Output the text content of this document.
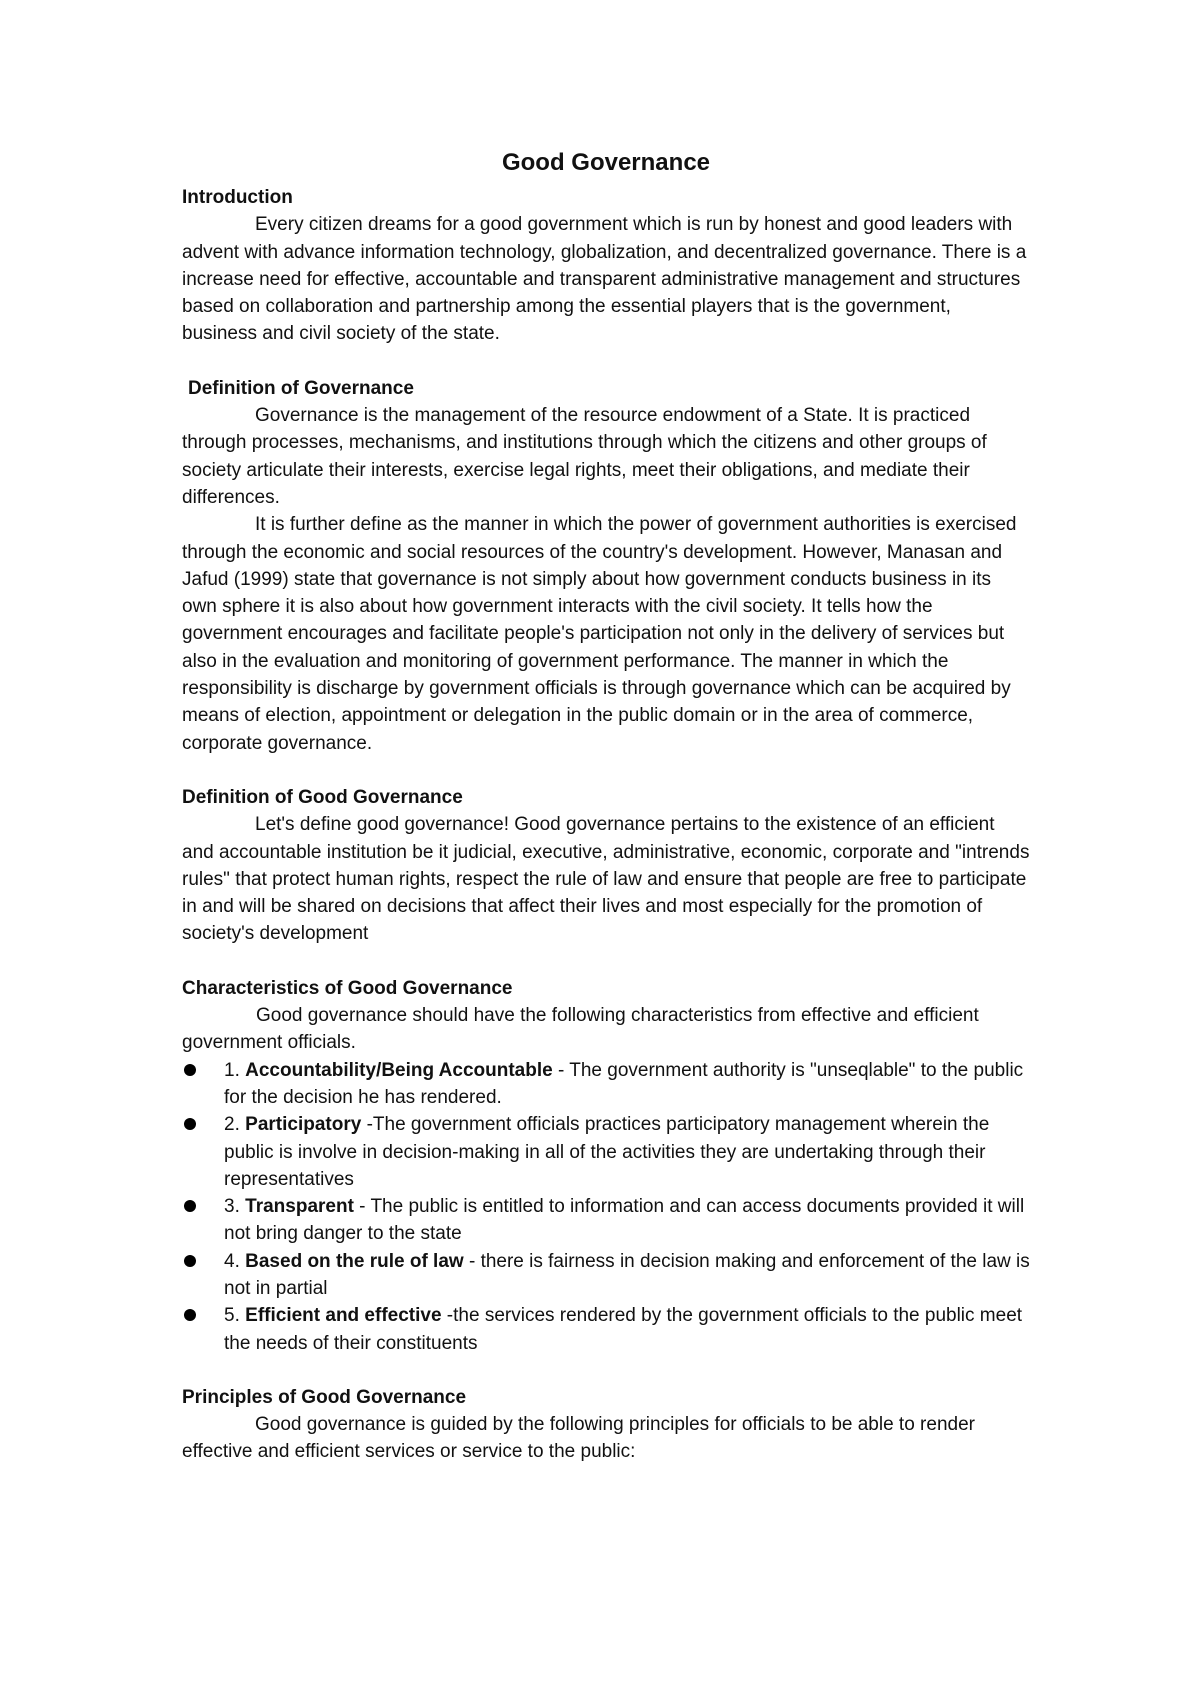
Good Governance

Introduction

Every citizen dreams for a good government which is run by honest and good leaders with advent with advance information technology, globalization, and decentralized governance. There is a increase need for effective, accountable and transparent administrative management and structures based on collaboration and partnership among the essential players that is the government, business and civil society of the state.

Definition of Governance

Governance is the management of the resource endowment of a State. It is practiced through processes, mechanisms, and institutions through which the citizens and other groups of society articulate their interests, exercise legal rights, meet their obligations, and mediate their differences.

It is further define as the manner in which the power of government authorities is exercised through the economic and social resources of the country's development. However, Manasan and Jafud (1999) state that governance is not simply about how government conducts business in its own sphere it is also about how government interacts with the civil society. It tells how the government encourages and facilitate people's participation not only in the delivery of services but also in the evaluation and monitoring of government performance. The manner in which the responsibility is discharge by government officials is through governance which can be acquired by means of election, appointment or delegation in the public domain or in the area of commerce, corporate governance.

Definition of Good Governance

Let's define good governance! Good governance pertains to the existence of an efficient and accountable institution be it judicial, executive, administrative, economic, corporate and "intrends rules" that protect human rights, respect the rule of law and ensure that people are free to participate in and will be shared on decisions that affect their lives and most especially for the promotion of society's development

Characteristics of Good Governance

Good governance should have the following characteristics from effective and efficient government officials.

1. Accountability/Being Accountable - The government authority is "unseqlable" to the public for the decision he has rendered.
2. Participatory -The government officials practices participatory management wherein the public is involve in decision-making in all of the activities they are undertaking through their representatives
3. Transparent - The public is entitled to information and can access documents provided it will not bring danger to the state
4. Based on the rule of law - there is fairness in decision making and enforcement of the law is not in partial
5. Efficient and effective -the services rendered by the government officials to the public meet the needs of their constituents

Principles of Good Governance

Good governance is guided by the following principles for officials to be able to render effective and efficient services or service to the public:
